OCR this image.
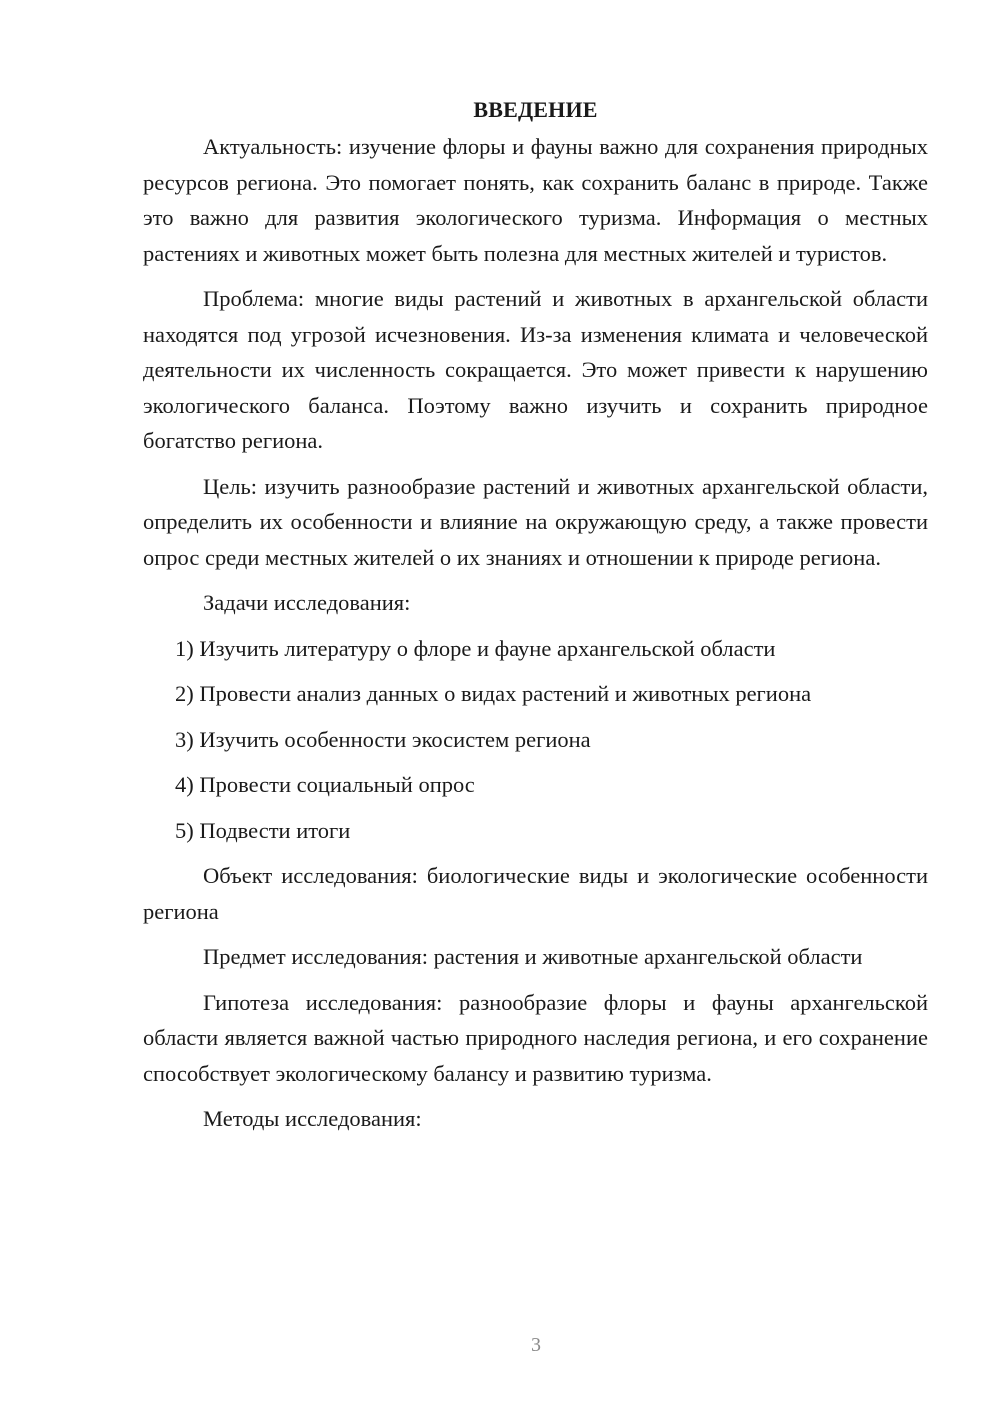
ВВЕДЕНИЕ

Актуальность: изучение флоры и фауны важно для сохранения природных ресурсов региона. Это помогает понять, как сохранить баланс в природе. Также это важно для развития экологического туризма. Информация о местных растениях и животных может быть полезна для местных жителей и туристов.

Проблема: многие виды растений и животных в архангельской области находятся под угрозой исчезновения. Из-за изменения климата и человеческой деятельности их численность сокращается. Это может привести к нарушению экологического баланса. Поэтому важно изучить и сохранить природное богатство региона.

Цель: изучить разнообразие растений и животных архангельской области, определить их особенности и влияние на окружающую среду, а также провести опрос среди местных жителей о их знаниях и отношении к природе региона.

Задачи исследования:

1) Изучить литературу о флоре и фауне архангельской области
2) Провести анализ данных о видах растений и животных региона
3) Изучить особенности экосистем региона
4) Провести социальный опрос
5) Подвести итоги

Объект исследования: биологические виды и экологические особенности региона

Предмет исследования: растения и животные архангельской области

Гипотеза исследования: разнообразие флоры и фауны архангельской области является важной частью природного наследия региона, и его сохранение способствует экологическому балансу и развитию туризма.

Методы исследования:

3
